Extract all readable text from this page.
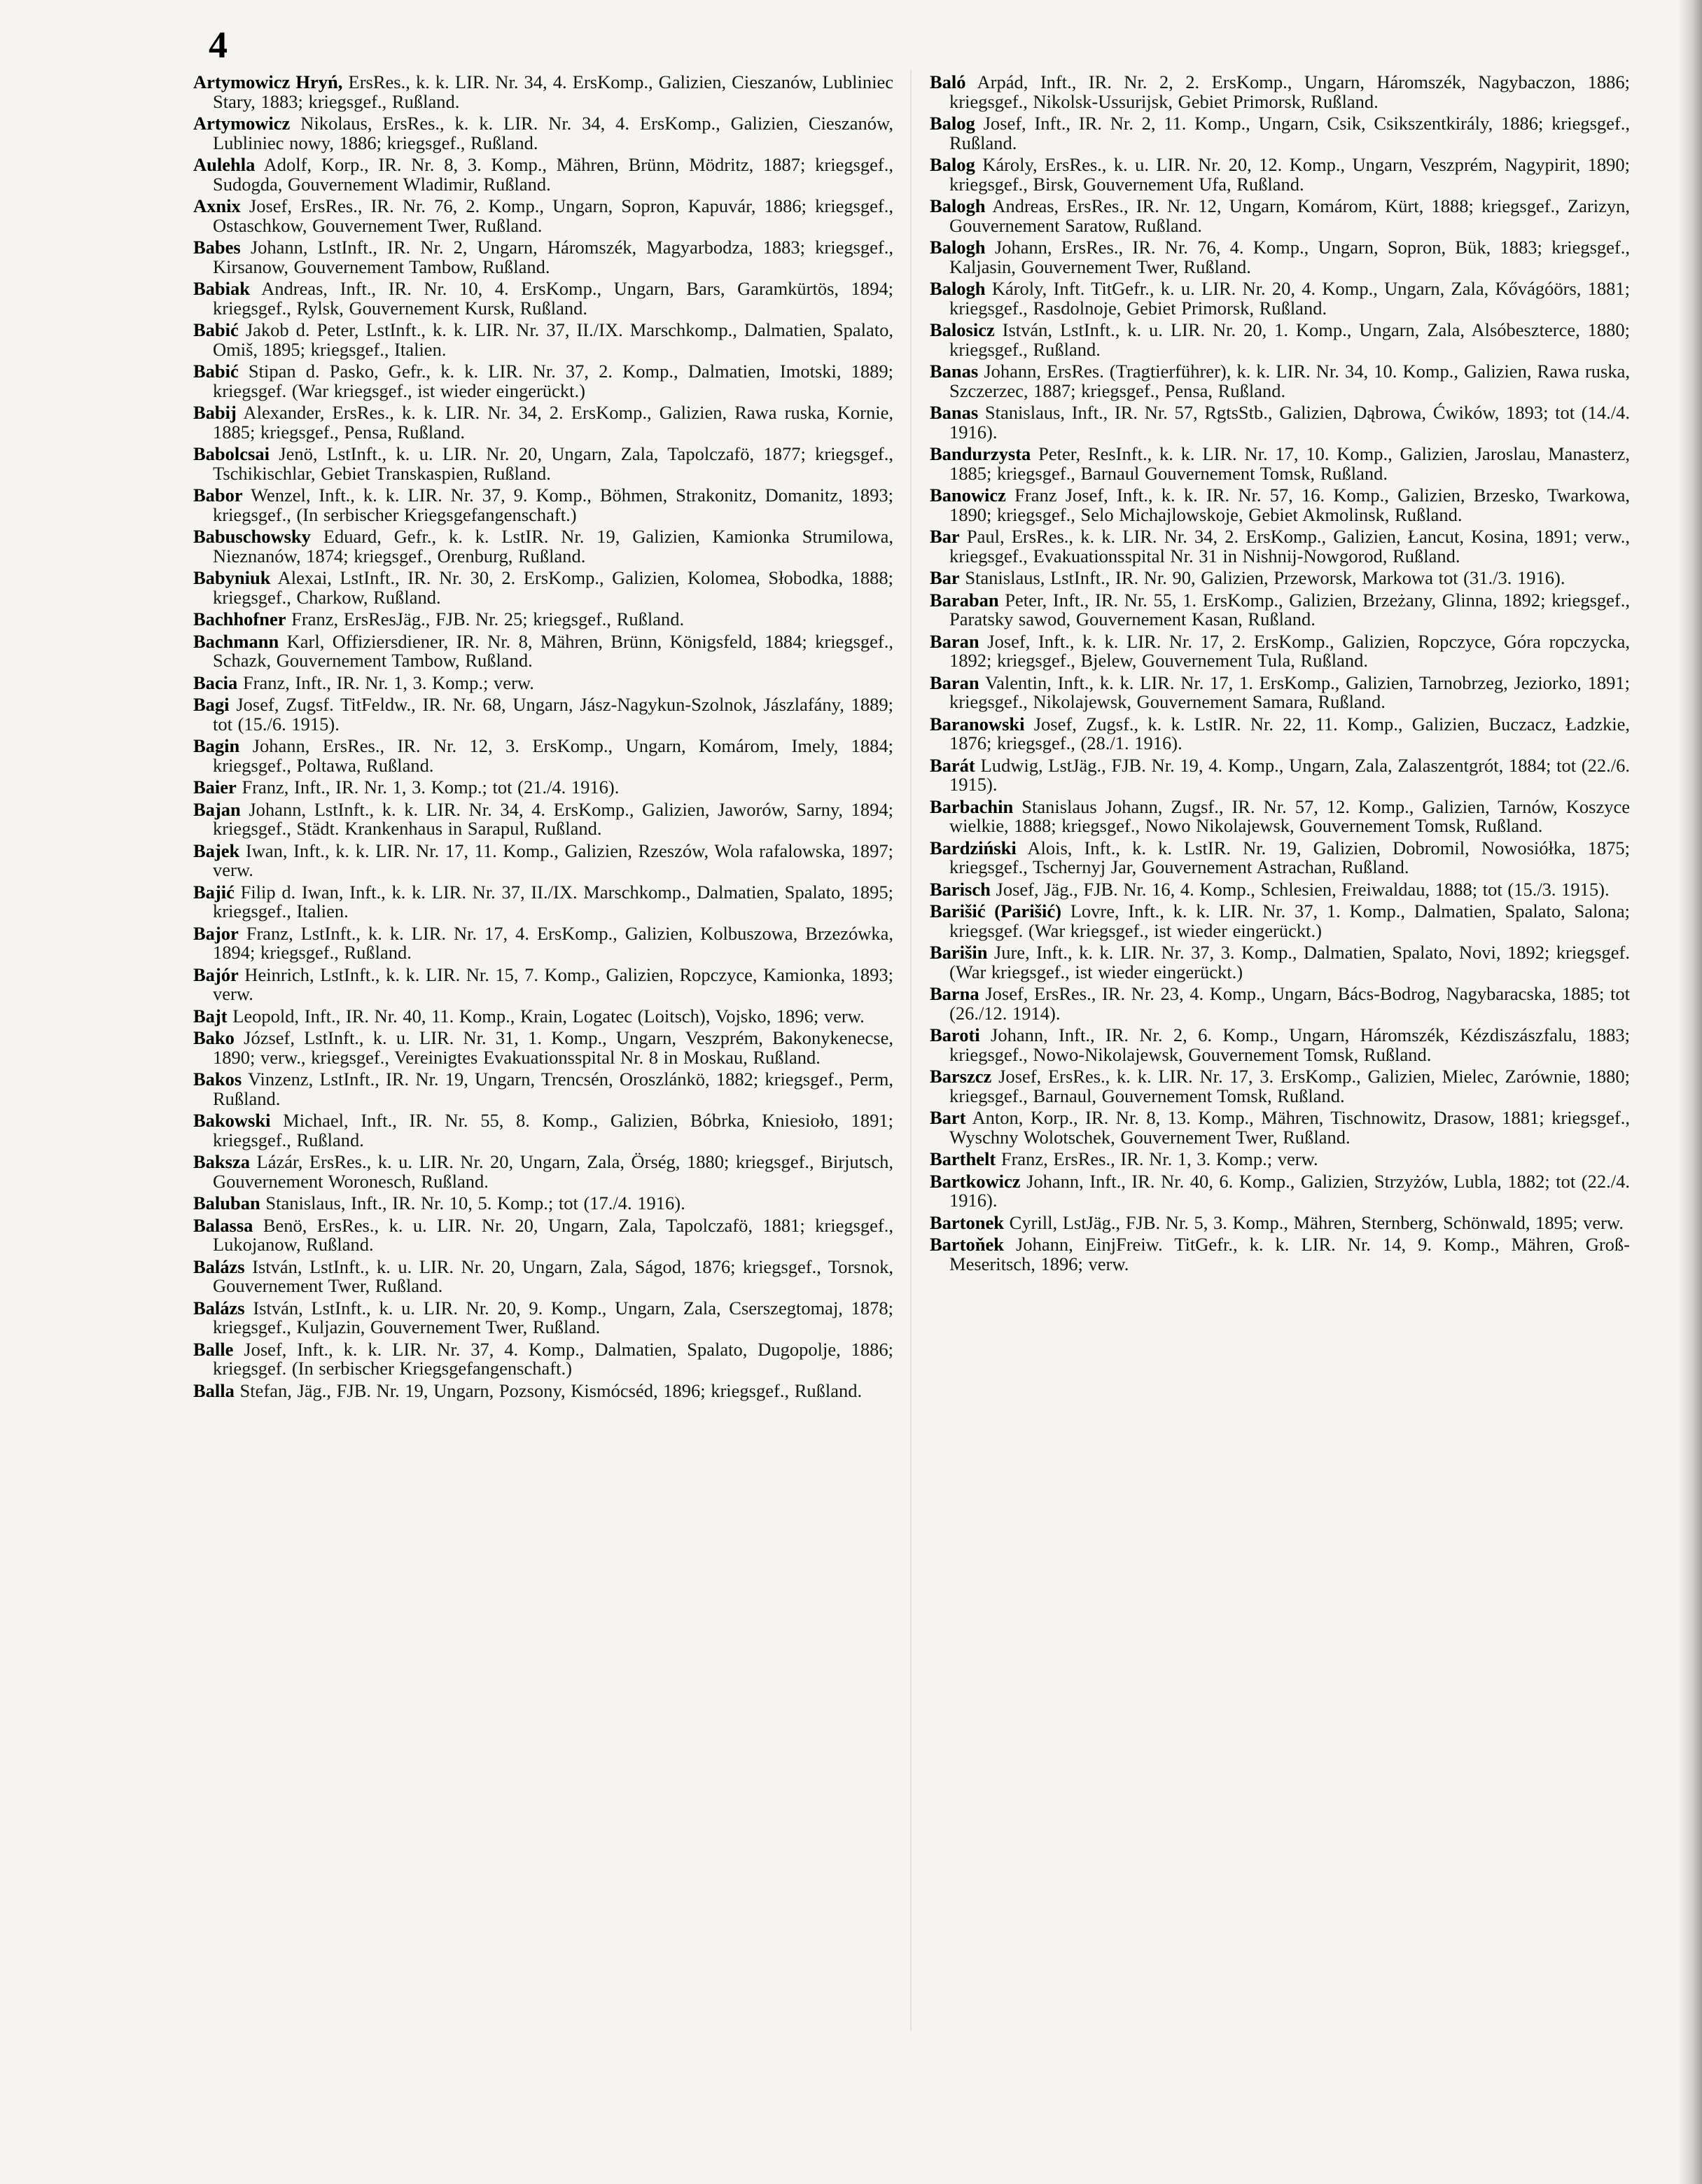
4
Artymowicz Hryń, ErsRes., k. k. LIR. Nr. 34, 4. ErsKomp., Galizien, Cieszanów, Lubliniec Stary, 1883; kriegsgef., Rußland.
Artymowicz Nikolaus, ErsRes., k. k. LIR. Nr. 34, 4. ErsKomp., Galizien, Cieszanów, Lubliniec nowy, 1886; kriegsgef., Rußland.
Aulehla Adolf, Korp., IR. Nr. 8, 3. Komp., Mähren, Brünn, Mödritz, 1887; kriegsgef., Sudogda, Gouvernement Wladimir, Rußland.
Axnix Josef, ErsRes., IR. Nr. 76, 2. Komp., Ungarn, Sopron, Kapuvár, 1886; kriegsgef., Ostaschkow, Gouvernement Twer, Rußland.
Babes Johann, LstInft., IR. Nr. 2, Ungarn, Háromszék, Magyarbodza, 1883; kriegsgef., Kirsanow, Gouvernement Tambow, Rußland.
Babiak Andreas, Inft., IR. Nr. 10, 4. ErsKomp., Ungarn, Bars, Garamkürtös, 1894; kriegsgef., Rylsk, Gouvernement Kursk, Rußland.
Babić Jakob d. Peter, LstInft., k. k. LIR. Nr. 37, II./IX. Marschkomp., Dalmatien, Spalato, Omiš, 1895; kriegsgef., Italien.
Babić Stipan d. Pasko, Gefr., k. k. LIR. Nr. 37, 2. Komp., Dalmatien, Imotski, 1889; kriegsgef. (War kriegsgef., ist wieder eingerückt.)
Babij Alexander, ErsRes., k. k. LIR. Nr. 34, 2. ErsKomp., Galizien, Rawa ruska, Kornie, 1885; kriegsgef., Pensa, Rußland.
Babolcsai Jenö, LstInft., k. u. LIR. Nr. 20, Ungarn, Zala, Tapolczafö, 1877; kriegsgef., Tschikischlar, Gebiet Transkaspien, Rußland.
Babor Wenzel, Inft., k. k. LIR. Nr. 37, 9. Komp., Böhmen, Strakonitz, Domanitz, 1893; kriegsgef., (In serbischer Kriegsgefangenschaft.)
Babuschowsky Eduard, Gefr., k. k. LstIR. Nr. 19, Galizien, Kamionka Strumilowa, Nieznanów, 1874; kriegsgef., Orenburg, Rußland.
Babyniuk Alexai, LstInft., IR. Nr. 30, 2. ErsKomp., Galizien, Kolomea, Słobodka, 1888; kriegsgef., Charkow, Rußland.
Bachhofner Franz, ErsResJäg., FJB. Nr. 25; kriegsgef., Rußland.
Bachmann Karl, Offiziersdiener, IR. Nr. 8, Mähren, Brünn, Königsfeld, 1884; kriegsgef., Schazk, Gouvernement Tambow, Rußland.
Bacia Franz, Inft., IR. Nr. 1, 3. Komp.; verw.
Bagi Josef, Zugsf. TitFeldw., IR. Nr. 68, Ungarn, Jász-Nagykun-Szolnok, Jászlafány, 1889; tot (15./6. 1915).
Bagin Johann, ErsRes., IR. Nr. 12, 3. ErsKomp., Ungarn, Komárom, Imely, 1884; kriegsgef., Poltawa, Rußland.
Baier Franz, Inft., IR. Nr. 1, 3. Komp.; tot (21./4. 1916).
Bajan Johann, LstInft., k. k. LIR. Nr. 34, 4. ErsKomp., Galizien, Jaworów, Sarny, 1894; kriegsgef., Städt. Krankenhaus in Sarapul, Rußland.
Bajek Iwan, Inft., k. k. LIR. Nr. 17, 11. Komp., Galizien, Rzeszów, Wola rafalowska, 1897; verw.
Bajić Filip d. Iwan, Inft., k. k. LIR. Nr. 37, II./IX. Marschkomp., Dalmatien, Spalato, 1895; kriegsgef., Italien.
Bajor Franz, LstInft., k. k. LIR. Nr. 17, 4. ErsKomp., Galizien, Kolbuszowa, Brzezówka, 1894; kriegsgef., Rußland.
Bajór Heinrich, LstInft., k. k. LIR. Nr. 15, 7. Komp., Galizien, Ropczyce, Kamionka, 1893; verw.
Bajt Leopold, Inft., IR. Nr. 40, 11. Komp., Krain, Logatec (Loitsch), Vojsko, 1896; verw.
Bako József, LstInft., k. u. LIR. Nr. 31, 1. Komp., Ungarn, Veszprém, Bakonykenecse, 1890; verw., kriegsgef., Vereinigtes Evakuationsspital Nr. 8 in Moskau, Rußland.
Bakos Vinzenz, LstInft., IR. Nr. 19, Ungarn, Trencsén, Oroszlánkö, 1882; kriegsgef., Perm, Rußland.
Bakowski Michael, Inft., IR. Nr. 55, 8. Komp., Galizien, Bóbrka, Kniesioło, 1891; kriegsgef., Rußland.
Baksza Lázár, ErsRes., k. u. LIR. Nr. 20, Ungarn, Zala, Örség, 1880; kriegsgef., Birjutsch, Gouvernement Woronesch, Rußland.
Baluban Stanislaus, Inft., IR. Nr. 10, 5. Komp.; tot (17./4. 1916).
Balassa Benö, ErsRes., k. u. LIR. Nr. 20, Ungarn, Zala, Tapolczafö, 1881; kriegsgef., Lukojanow, Rußland.
Balázs István, LstInft., k. u. LIR. Nr. 20, Ungarn, Zala, Ságod, 1876; kriegsgef., Torsnok, Gouvernement Twer, Rußland.
Balázs István, LstInft., k. u. LIR. Nr. 20, 9. Komp., Ungarn, Zala, Cserszegtomaj, 1878; kriegsgef., Kuljazin, Gouvernement Twer, Rußland.
Balle Josef, Inft., k. k. LIR. Nr. 37, 4. Komp., Dalmatien, Spalato, Dugopolje, 1886; kriegsgef. (In serbischer Kriegsgefangenschaft.)
Balla Stefan, Jäg., FJB. Nr. 19, Ungarn, Pozsony, Kismócséd, 1896; kriegsgef., Rußland.
Baló Arpád, Inft., IR. Nr. 2, 2. ErsKomp., Ungarn, Háromszék, Nagybaczon, 1886; kriegsgef., Nikolsk-Ussurijsk, Gebiet Primorsk, Rußland.
Balog Josef, Inft., IR. Nr. 2, 11. Komp., Ungarn, Csik, Csikszentkirály, 1886; kriegsgef., Rußland.
Balog Károly, ErsRes., k. u. LIR. Nr. 20, 12. Komp., Ungarn, Veszprém, Nagypirit, 1890; kriegsgef., Birsk, Gouvernement Ufa, Rußland.
Balogh Andreas, ErsRes., IR. Nr. 12, Ungarn, Komárom, Kürt, 1888; kriegsgef., Zarizyn, Gouvernement Saratow, Rußland.
Balogh Johann, ErsRes., IR. Nr. 76, 4. Komp., Ungarn, Sopron, Bük, 1883; kriegsgef., Kaljasin, Gouvernement Twer, Rußland.
Balogh Károly, Inft. TitGefr., k. u. LIR. Nr. 20, 4. Komp., Ungarn, Zala, Kővágóörs, 1881; kriegsgef., Rasdolnoje, Gebiet Primorsk, Rußland.
Balosicz István, LstInft., k. u. LIR. Nr. 20, 1. Komp., Ungarn, Zala, Alsóbeszterce, 1880; kriegsgef., Rußland.
Banas Johann, ErsRes. (Tragtierführer), k. k. LIR. Nr. 34, 10. Komp., Galizien, Rawa ruska, Szczerzec, 1887; kriegsgef., Pensa, Rußland.
Banas Stanislaus, Inft., IR. Nr. 57, RgtsStb., Galizien, Dąbrowa, Ćwików, 1893; tot (14./4. 1916).
Bandurzysta Peter, ResInft., k. k. LIR. Nr. 17, 10. Komp., Galizien, Jaroslau, Manasterz, 1885; kriegsgef., Barnaul Gouvernement Tomsk, Rußland.
Banowicz Franz Josef, Inft., k. k. IR. Nr. 57, 16. Komp., Galizien, Brzesko, Twarkowa, 1890; kriegsgef., Selo Michajlowskoje, Gebiet Akmolinsk, Rußland.
Bar Paul, ErsRes., k. k. LIR. Nr. 34, 2. ErsKomp., Galizien, Łancut, Kosina, 1891; verw., kriegsgef., Evakuationsspital Nr. 31 in Nishnij-Nowgorod, Rußland.
Bar Stanislaus, LstInft., IR. Nr. 90, Galizien, Przeworsk, Markowa tot (31./3. 1916).
Baraban Peter, Inft., IR. Nr. 55, 1. ErsKomp., Galizien, Brzeżany, Glinna, 1892; kriegsgef., Paratsky sawod, Gouvernement Kasan, Rußland.
Baran Josef, Inft., k. k. LIR. Nr. 17, 2. ErsKomp., Galizien, Ropczyce, Góra ropczycka, 1892; kriegsgef., Bjelew, Gouvernement Tula, Rußland.
Baran Valentin, Inft., k. k. LIR. Nr. 17, 1. ErsKomp., Galizien, Tarnobrzeg, Jeziorko, 1891; kriegsgef., Nikolajewsk, Gouvernement Samara, Rußland.
Baranowski Josef, Zugsf., k. k. LstIR. Nr. 22, 11. Komp., Galizien, Buczacz, Ładzkie, 1876; kriegsgef., (28./1. 1916).
Barát Ludwig, LstJäg., FJB. Nr. 19, 4. Komp., Ungarn, Zala, Zalaszentgrót, 1884; tot (22./6. 1915).
Barbachin Stanislaus Johann, Zugsf., IR. Nr. 57, 12. Komp., Galizien, Tarnów, Koszyce wielkie, 1888; kriegsgef., Nowo Nikolajewsk, Gouvernement Tomsk, Rußland.
Bardziński Alois, Inft., k. k. LstIR. Nr. 19, Galizien, Dobromil, Nowosiółka, 1875; kriegsgef., Tschernyj Jar, Gouvernement Astrachan, Rußland.
Barisch Josef, Jäg., FJB. Nr. 16, 4. Komp., Schlesien, Freiwaldau, 1888; tot (15./3. 1915).
Barišić (Parišić) Lovre, Inft., k. k. LIR. Nr. 37, 1. Komp., Dalmatien, Spalato, Salona; kriegsgef. (War kriegsgef., ist wieder eingerückt.)
Barišin Jure, Inft., k. k. LIR. Nr. 37, 3. Komp., Dalmatien, Spalato, Novi, 1892; kriegsgef. (War kriegsgef., ist wieder eingerückt.)
Barna Josef, ErsRes., IR. Nr. 23, 4. Komp., Ungarn, Bács-Bodrog, Nagybaracska, 1885; tot (26./12. 1914).
Baroti Johann, Inft., IR. Nr. 2, 6. Komp., Ungarn, Háromszék, Kézdiszászfalu, 1883; kriegsgef., Nowo-Nikolajewsk, Gouvernement Tomsk, Rußland.
Barszcz Josef, ErsRes., k. k. LIR. Nr. 17, 3. ErsKomp., Galizien, Mielec, Zarównie, 1880; kriegsgef., Barnaul, Gouvernement Tomsk, Rußland.
Bart Anton, Korp., IR. Nr. 8, 13. Komp., Mähren, Tischnowitz, Drasow, 1881; kriegsgef., Wyschny Wolotschek, Gouvernement Twer, Rußland.
Barthelt Franz, ErsRes., IR. Nr. 1, 3. Komp.; verw.
Bartkowicz Johann, Inft., IR. Nr. 40, 6. Komp., Galizien, Strzyżów, Lubla, 1882; tot (22./4. 1916).
Bartonek Cyrill, LstJäg., FJB. Nr. 5, 3. Komp., Mähren, Sternberg, Schönwald, 1895; verw.
Bartoňek Johann, EinjFreiw. TitGefr., k. k. LIR. Nr. 14, 9. Komp., Mähren, Groß-Meseritsch, 1896; verw.
